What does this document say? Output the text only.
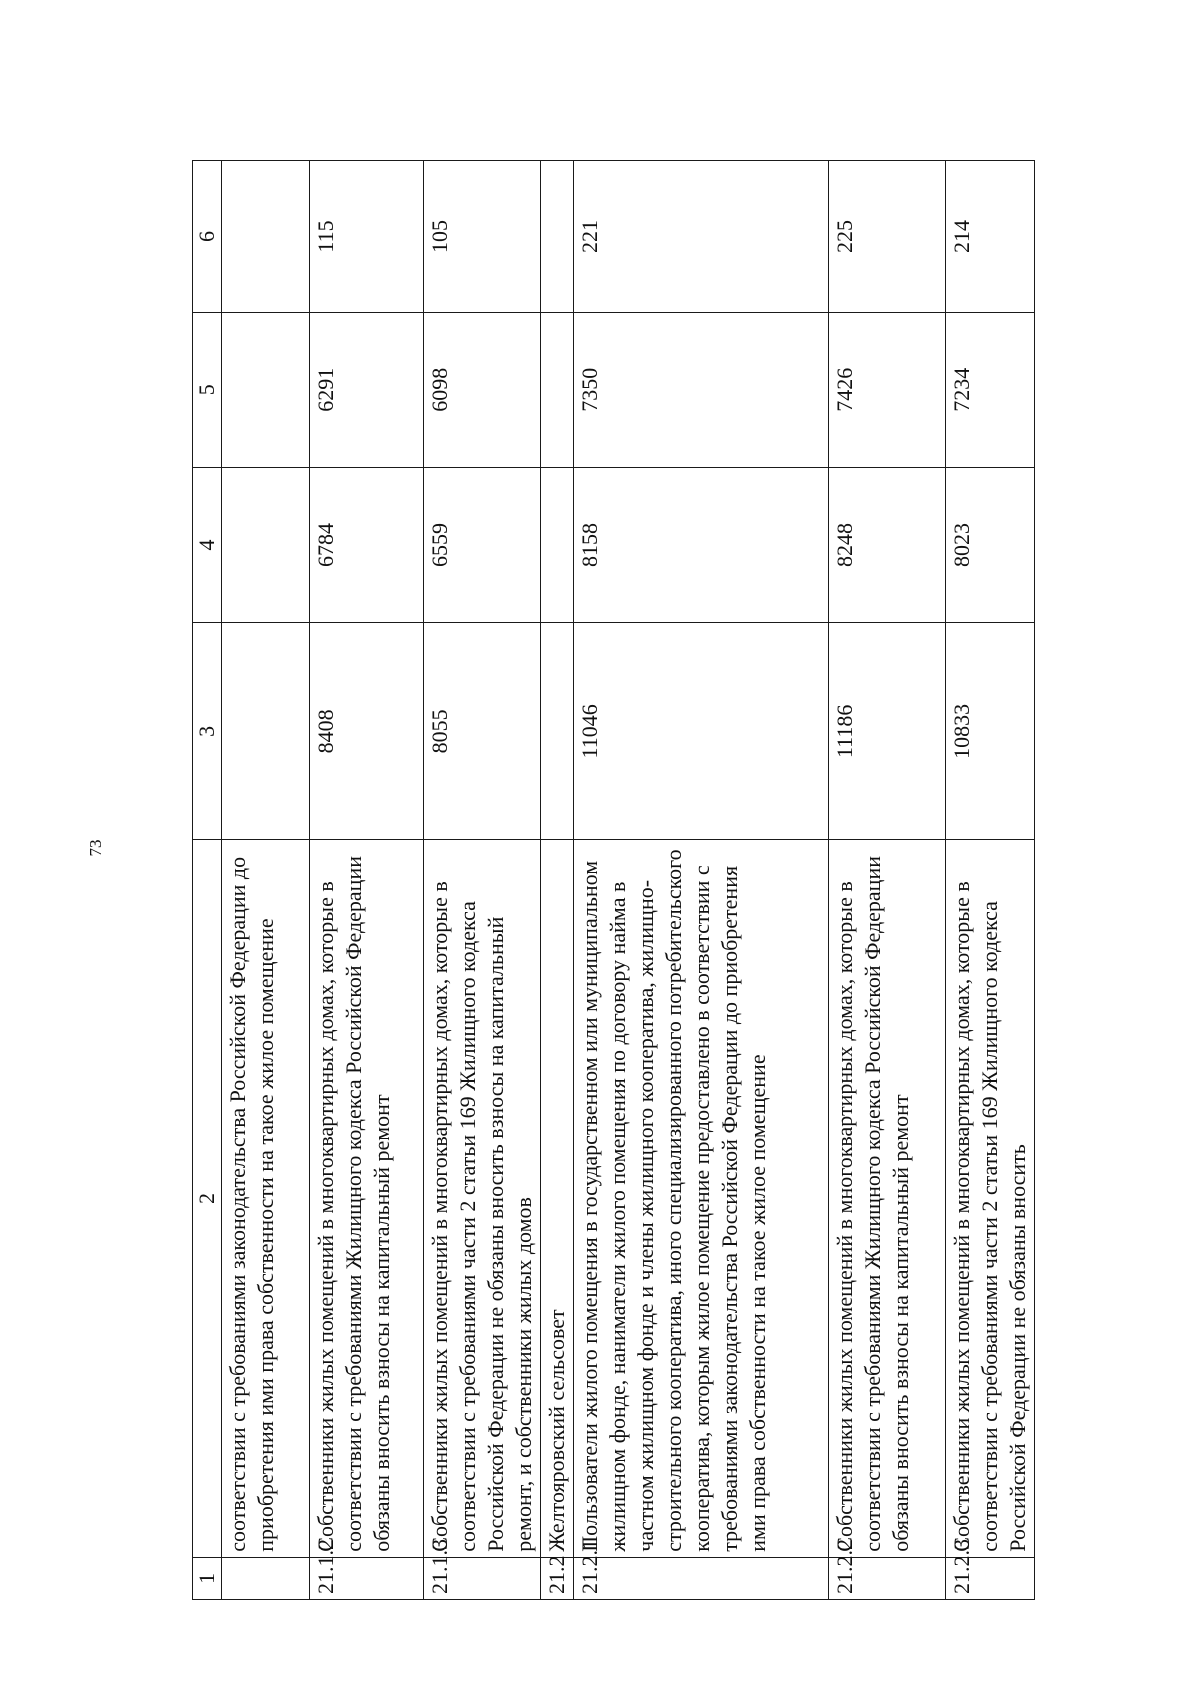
73
1	2	3	4	5	6
	соответствии с требованиями законодательства Российской Федерации до приобретения ими права собственности на такое жилое помещение				
21.1.2	Собственники жилых помещений в многоквартирных домах, которые в соответствии с требованиями Жилищного кодекса Российской Федерации обязаны вносить взносы на капитальный ремонт	8408	6784	6291	115
21.1.3	Собственники жилых помещений в многоквартирных домах, которые в соответствии с требованиями части 2 статьи 169 Жилищного кодекса Российской Федерации не обязаны вносить взносы на капитальный ремонт, и собственники жилых домов	8055	6559	6098	105
21.2	Желтояровский сельсовет				
21.2.1	Пользователи жилого помещения в государственном или муниципальном жилищном фонде, наниматели жилого помещения по договору найма в частном жилищном фонде и члены жилищного кооператива, жилищно-строительного кооператива, иного специализированного потребительского кооператива, которым жилое помещение предоставлено в соответствии с требованиями законодательства Российской Федерации до приобретения ими права собственности на такое жилое помещение	11046	8158	7350	221
21.2.2	Собственники жилых помещений в многоквартирных домах, которые в соответствии с требованиями Жилищного кодекса Российской Федерации обязаны вносить взносы на капитальный ремонт	11186	8248	7426	225
21.2.3	Собственники жилых помещений в многоквартирных домах, которые в соответствии с требованиями части 2 статьи 169 Жилищного кодекса Российской Федерации не обязаны вносить	10833	8023	7234	214
